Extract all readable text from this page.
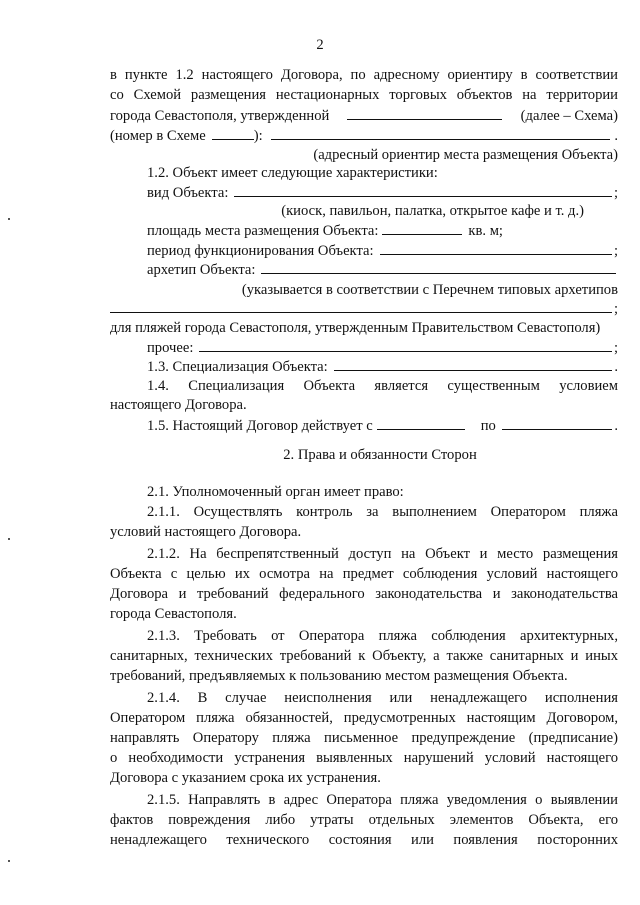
2
в пункте 1.2 настоящего Договора, по адресному ориентиру в соответствии
со Схемой размещения нестационарных торговых объектов на территории
города Севастополя, утвержденной	(далее – Схема)
(номер в Схеме	):	.
(адресный ориентир места размещения Объекта)
1.2. Объект имеет следующие характеристики:
вид Объекта:	;
(киоск, павильон, палатка, открытое кафе и т. д.)
площадь места размещения Объекта:	кв. м;
период функционирования Объекта:	;
архетип Объекта:
(указывается в соответствии с Перечнем типовых архетипов
;
для пляжей города Севастополя, утвержденным Правительством Севастополя)
прочее:	;
1.3. Специализация Объекта:	.
1.4. Специализация Объекта является существенным условием
настоящего Договора.
1.5. Настоящий Договор действует с	по	.
2. Права и обязанности Сторон
2.1. Уполномоченный орган имеет право:
2.1.1. Осуществлять контроль за выполнением Оператором пляжа
условий настоящего Договора.
2.1.2. На беспрепятственный доступ на Объект и место размещения
Объекта с целью их осмотра на предмет соблюдения условий настоящего
Договора и требований федерального законодательства и законодательства
города Севастополя.
2.1.3. Требовать от Оператора пляжа соблюдения архитектурных,
санитарных, технических требований к Объекту, а также санитарных и иных
требований, предъявляемых к пользованию местом размещения Объекта.
2.1.4. В случае неисполнения или ненадлежащего исполнения
Оператором пляжа обязанностей, предусмотренных настоящим Договором,
направлять Оператору пляжа письменное предупреждение (предписание)
о необходимости устранения выявленных нарушений условий настоящего
Договора с указанием срока их устранения.
2.1.5. Направлять в адрес Оператора пляжа уведомления о выявлении
фактов повреждения либо утраты отдельных элементов Объекта, его
ненадлежащего технического состояния или появления посторонних
